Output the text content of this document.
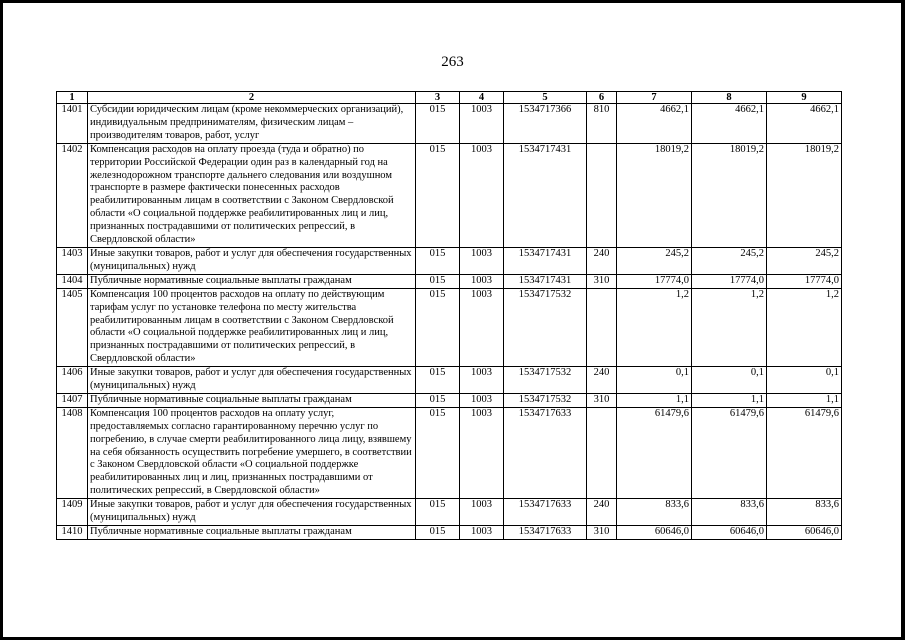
263
1	2	3	4	5	6	7	8	9
1401	Субсидии юридическим лицам (кроме некоммерческих организаций), индивидуальным предпринимателям, физическим лицам – производителям товаров, работ, услуг	015	1003	1534717366	810	4662,1	4662,1	4662,1
1402	Компенсация расходов на оплату проезда (туда и обратно) по территории Российской Федерации один раз в календарный год на железнодорожном транспорте дальнего следования или воздушном транспорте в размере фактически понесенных расходов реабилитированным лицам в соответствии с Законом Свердловской области «О социальной поддержке реабилитированных лиц и лиц, признанных пострадавшими от политических репрессий, в Свердловской области»	015	1003	1534717431		18019,2	18019,2	18019,2
1403	Иные закупки товаров, работ и услуг для обеспечения государственных (муниципальных) нужд	015	1003	1534717431	240	245,2	245,2	245,2
1404	Публичные нормативные социальные выплаты гражданам	015	1003	1534717431	310	17774,0	17774,0	17774,0
1405	Компенсация 100 процентов расходов на оплату по действующим тарифам услуг по установке телефона по месту жительства реабилитированным лицам в соответствии с Законом Свердловской области «О социальной поддержке реабилитированных лиц и лиц, признанных пострадавшими от политических репрессий, в Свердловской области»	015	1003	1534717532		1,2	1,2	1,2
1406	Иные закупки товаров, работ и услуг для обеспечения государственных (муниципальных) нужд	015	1003	1534717532	240	0,1	0,1	0,1
1407	Публичные нормативные социальные выплаты гражданам	015	1003	1534717532	310	1,1	1,1	1,1
1408	Компенсация 100 процентов расходов на оплату услуг, предоставляемых согласно гарантированному перечню услуг по погребению, в случае смерти реабилитированного лица лицу, взявшему на себя обязанность осуществить погребение умершего, в соответствии с Законом Свердловской области «О социальной поддержке реабилитированных лиц и лиц, признанных пострадавшими от политических репрессий, в Свердловской области»	015	1003	1534717633		61479,6	61479,6	61479,6
1409	Иные закупки товаров, работ и услуг для обеспечения государственных (муниципальных) нужд	015	1003	1534717633	240	833,6	833,6	833,6
1410	Публичные нормативные социальные выплаты гражданам	015	1003	1534717633	310	60646,0	60646,0	60646,0
